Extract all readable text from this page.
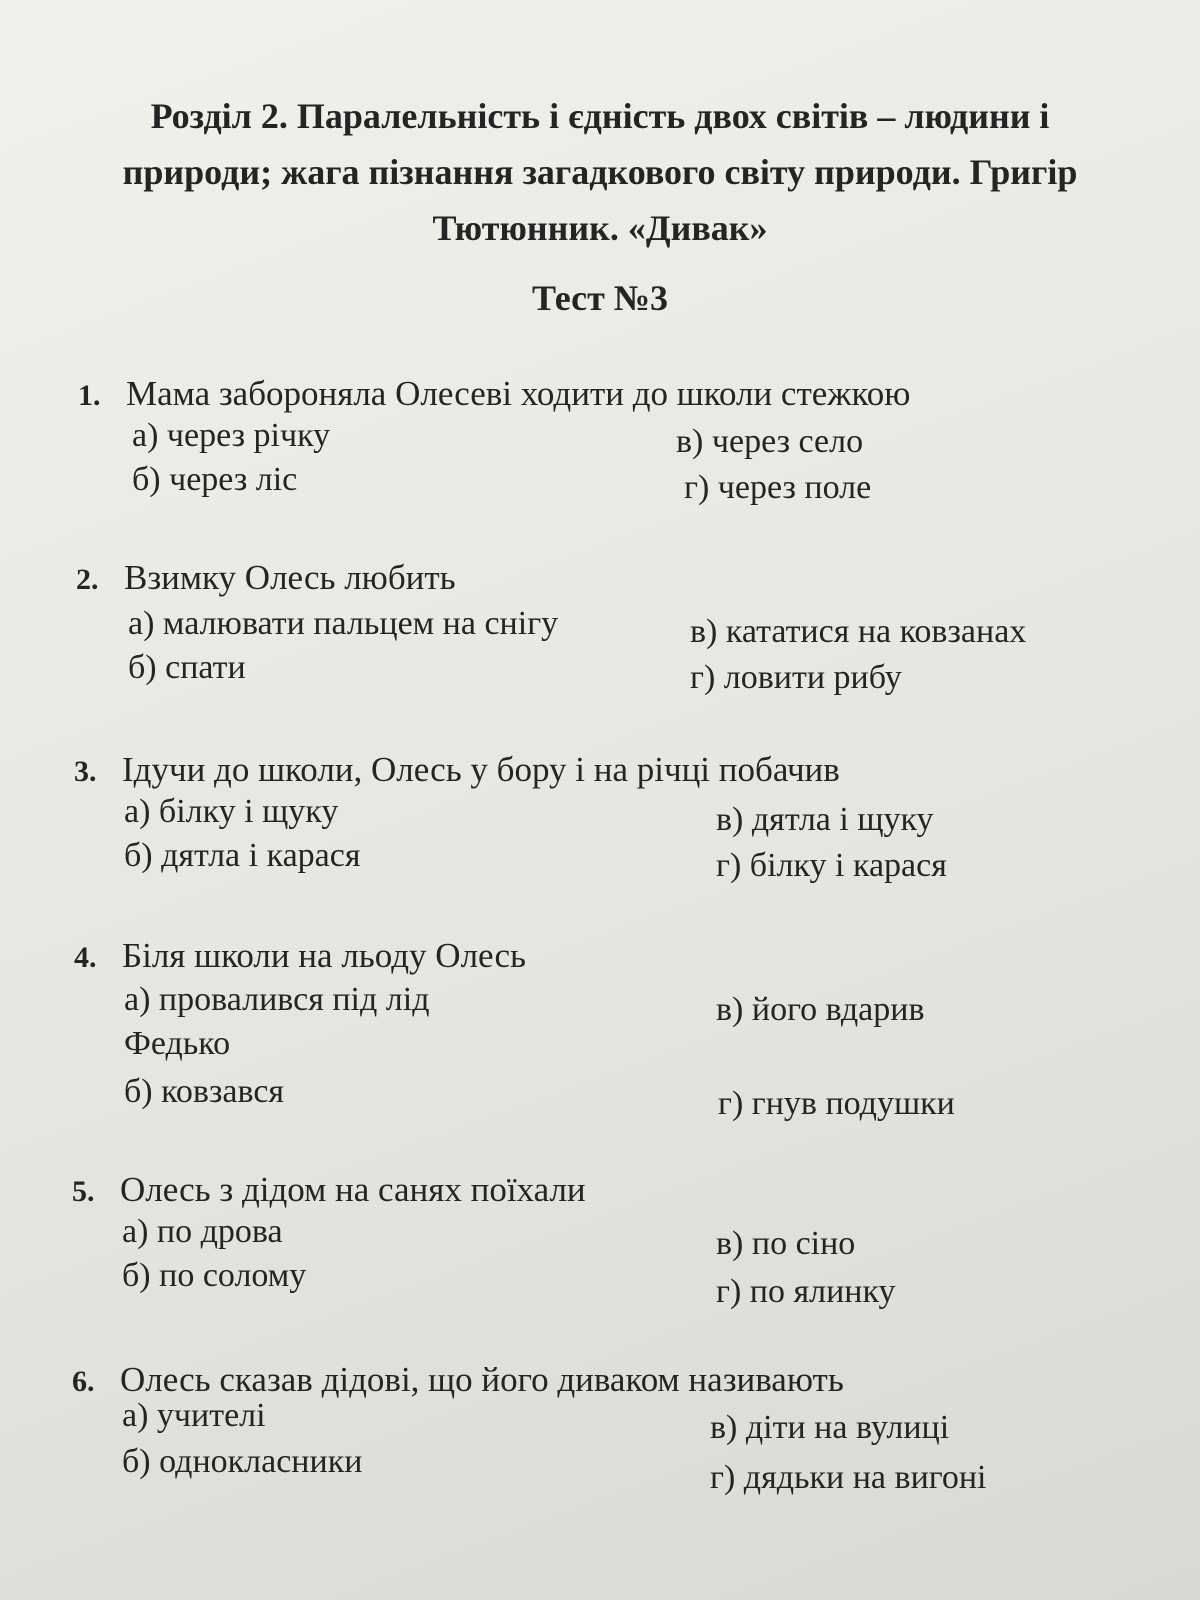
Розділ 2. Паралельність і єдність двох світів – людини і
природи; жага пізнання загадкового світу природи. Григір
Тютюнник. «Дивак»
Тест №3
1. Мама забороняла Олесеві ходити до школи стежкою
а) через річку
б) через ліс
в) через село
г) через поле
2. Взимку Олесь любить
а) малювати пальцем на снігу
б) спати
в) кататися на ковзанах
г) ловити рибу
3. Ідучи до школи, Олесь у бору і на річці побачив
а) білку і щуку
б) дятла і карася
в) дятла і щуку
г) білку і карася
4. Біля школи на льоду Олесь
а) провалився під лід
Федько
б) ковзався
в) його вдарив
г) гнув подушки
5. Олесь з дідом на санях поїхали
а) по дрова
б) по солому
в) по сіно
г) по ялинку
6. Олесь сказав дідові, що його диваком називають
а) учителі
б) однокласники
в) діти на вулиці
г) дядьки на вигоні
